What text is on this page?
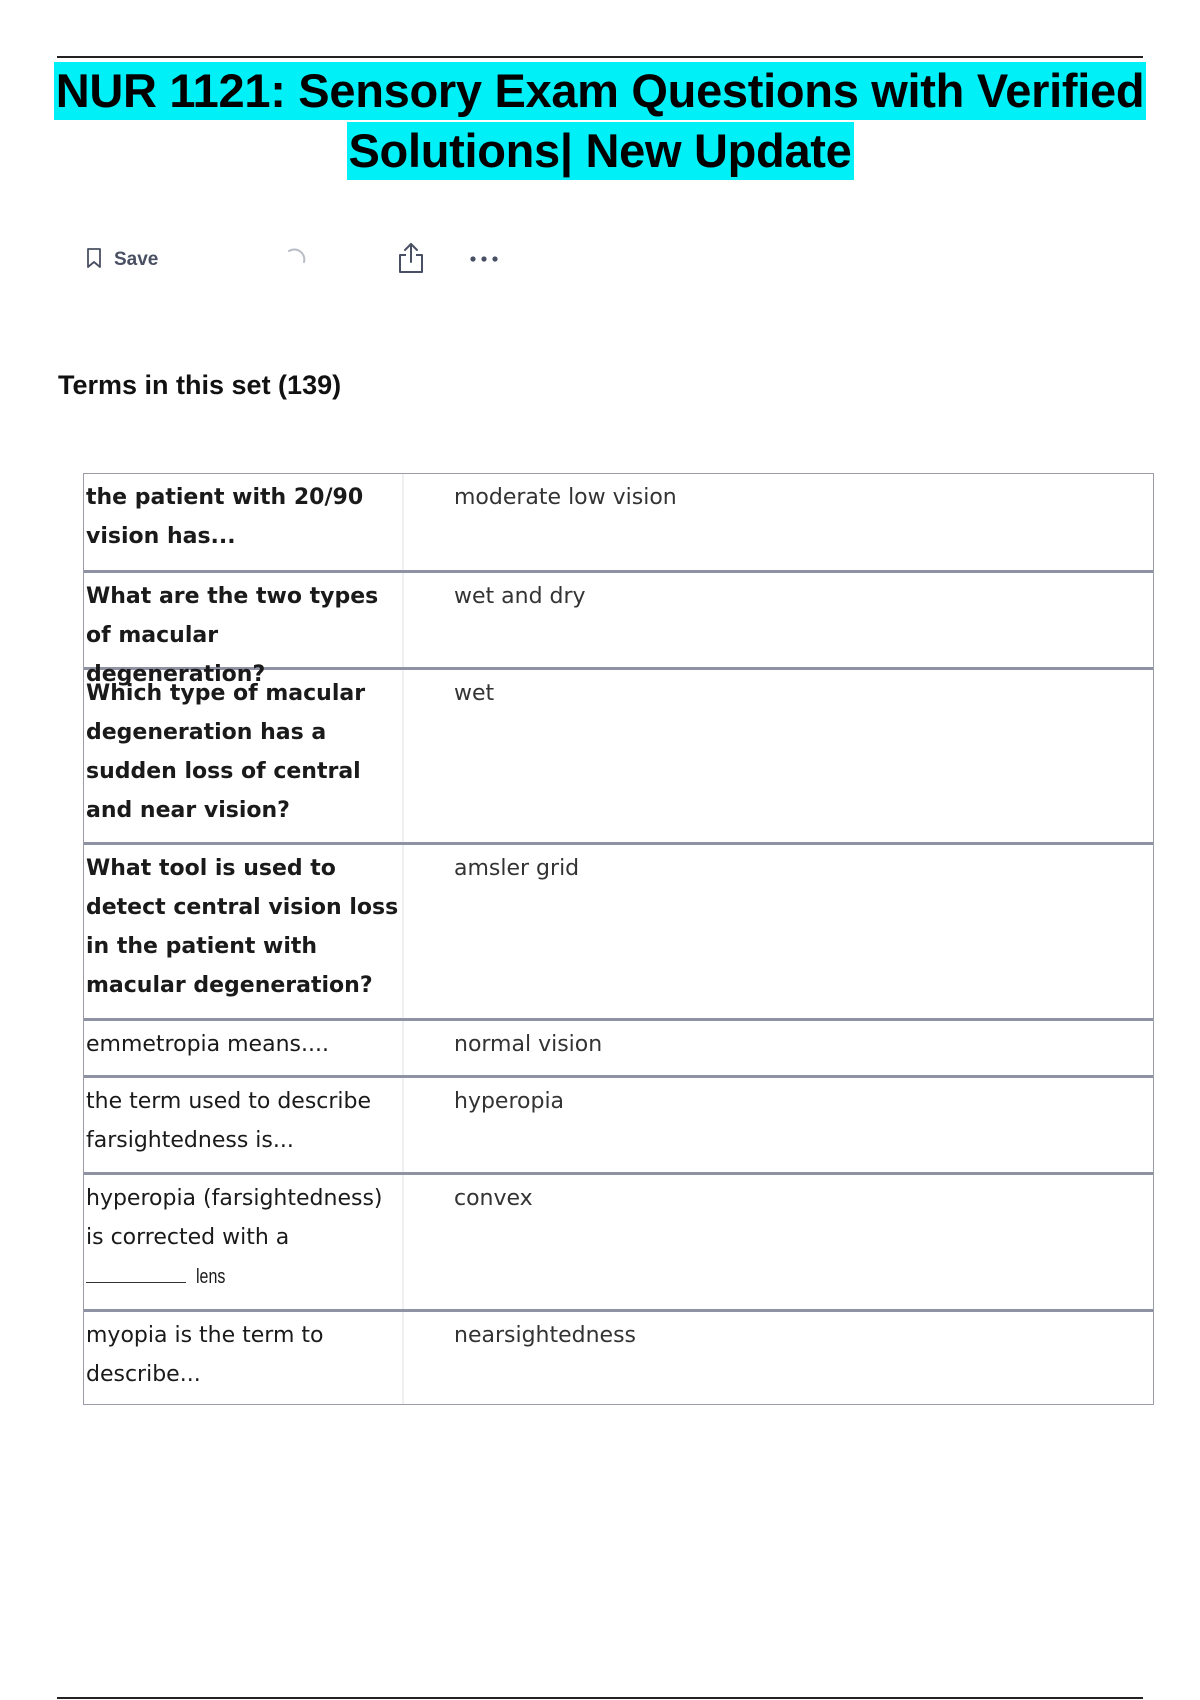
NUR 1121: Sensory Exam Questions with Verified
Solutions| New Update
Save
Terms in this set (139)
the patient with 20/90 vision has...
moderate low vision
What are the two types of macular degeneration?
wet and dry
Which type of macular degeneration has a sudden loss of central and near vision?
wet
What tool is used to detect central vision loss in the patient with macular degeneration?
amsler grid
emmetropia means....	normal vision
the term used to describe farsightedness is...
hyperopia
hyperopia (farsightedness) is corrected with a
lens
convex
myopia is the term to describe...
nearsightedness
